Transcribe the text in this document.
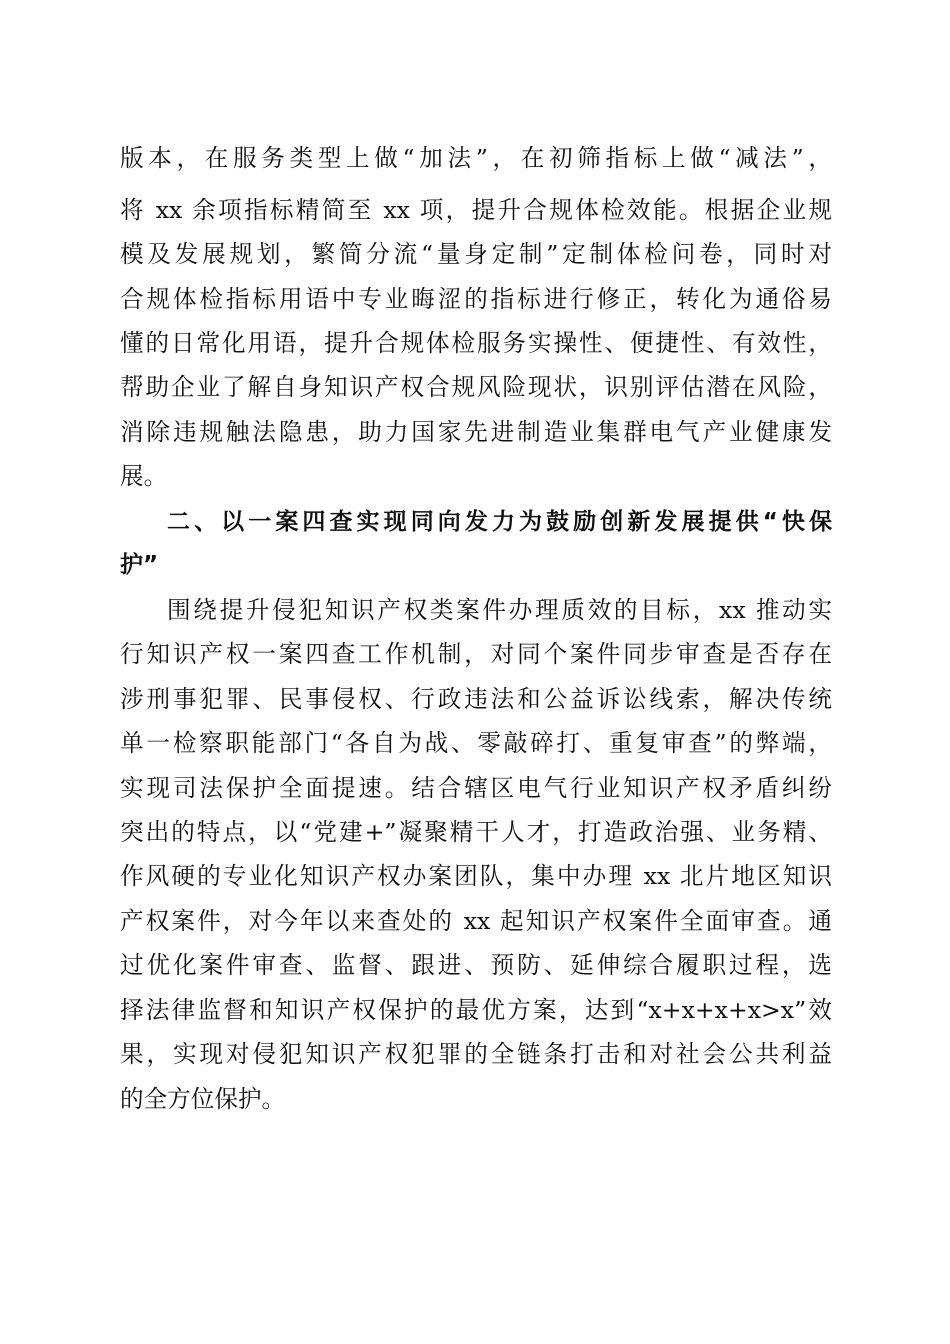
版本，在服务类型上做“加法”，在初筛指标上做“减法”，
将 xx 余项指标精简至 xx 项，提升合规体检效能。根据企业规
模及发展规划，繁简分流“量身定制”定制体检问卷，同时对
合规体检指标用语中专业晦涩的指标进行修正，转化为通俗易
懂的日常化用语，提升合规体检服务实操性、便捷性、有效性，
帮助企业了解自身知识产权合规风险现状，识别评估潜在风险，
消除违规触法隐患，助力国家先进制造业集群电气产业健康发
展。
二、以一案四查实现同向发力为鼓励创新发展提供“快保
护”
围绕提升侵犯知识产权类案件办理质效的目标，xx 推动实
行知识产权一案四查工作机制，对同个案件同步审查是否存在
涉刑事犯罪、民事侵权、行政违法和公益诉讼线索，解决传统
单一检察职能部门“各自为战、零敲碎打、重复审查”的弊端，
实现司法保护全面提速。结合辖区电气行业知识产权矛盾纠纷
突出的特点，以“党建+”凝聚精干人才，打造政治强、业务精、
作风硬的专业化知识产权办案团队，集中办理 xx 北片地区知识
产权案件，对今年以来查处的 xx 起知识产权案件全面审查。通
过优化案件审查、监督、跟进、预防、延伸综合履职过程，选
择法律监督和知识产权保护的最优方案，达到“x+x+x+x>x”效
果，实现对侵犯知识产权犯罪的全链条打击和对社会公共利益
的全方位保护。
